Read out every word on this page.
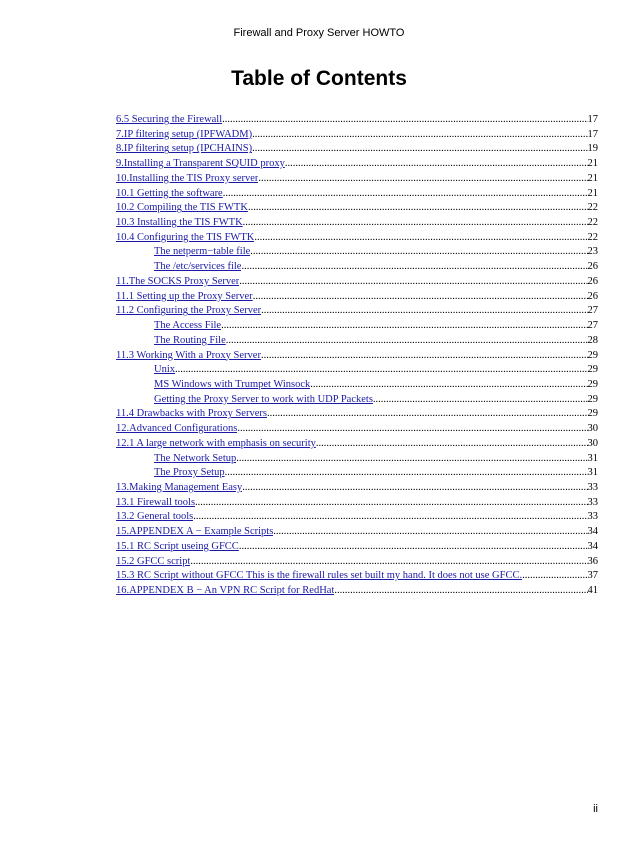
Firewall and Proxy Server HOWTO
Table of Contents
6.5 Securing the Firewall .....	17
7.IP filtering setup (IPFWADM) .....	17
8.IP filtering setup (IPCHAINS) .....	19
9.Installing a Transparent SQUID proxy .....	21
10.Installing the TIS Proxy server .....	21
10.1 Getting the software .....	21
10.2 Compiling the TIS FWTK .....	22
10.3 Installing the TIS FWTK .....	22
10.4 Configuring the TIS FWTK .....	22
The netperm−table file .....	23
The /etc/services file .....	26
11.The SOCKS Proxy Server .....	26
11.1 Setting up the Proxy Server .....	26
11.2 Configuring the Proxy Server .....	27
The Access File .....	27
The Routing File .....	28
11.3 Working With a Proxy Server .....	29
Unix .....	29
MS Windows with Trumpet Winsock .....	29
Getting the Proxy Server to work with UDP Packets .....	29
11.4 Drawbacks with Proxy Servers .....	29
12.Advanced Configurations .....	30
12.1 A large network with emphasis on security .....	30
The Network Setup .....	31
The Proxy Setup .....	31
13.Making Management Easy .....	33
13.1 Firewall tools .....	33
13.2 General tools .....	33
15.APPENDEX A − Example Scripts .....	34
15.1 RC Script useing GFCC .....	34
15.2 GFCC script .....	36
15.3 RC Script without GFCC This is the firewall rules set built my hand. It does not use GFCC. .....	37
16.APPENDEX B − An VPN RC Script for RedHat .....	41
ii
